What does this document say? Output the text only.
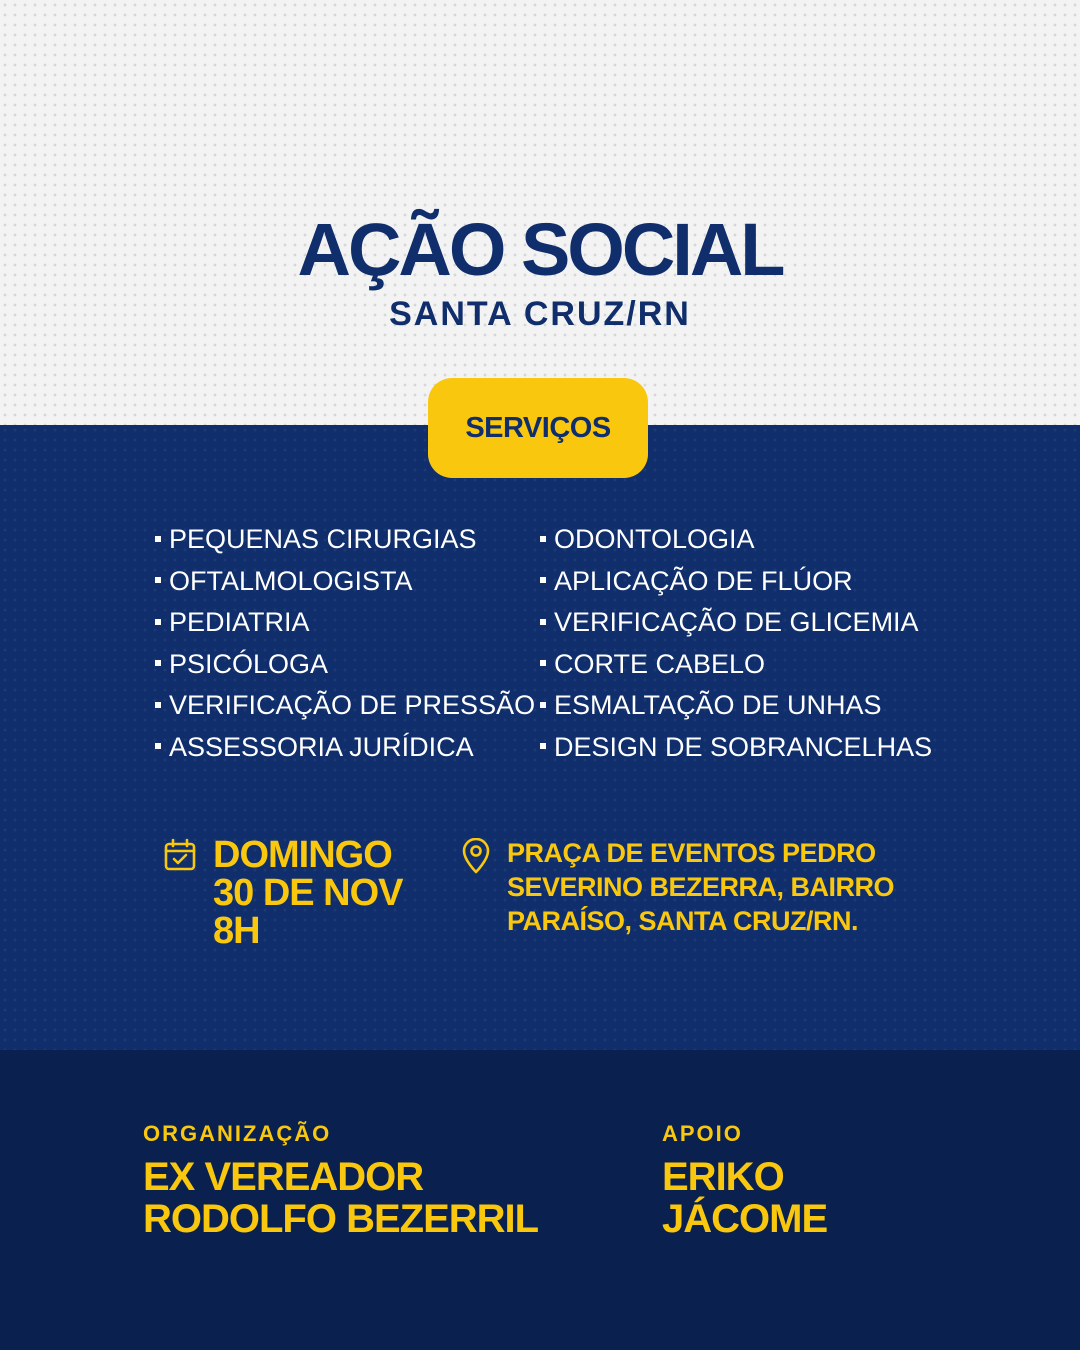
AÇÃO SOCIAL
SANTA CRUZ/RN
SERVIÇOS
PEQUENAS CIRURGIAS
OFTALMOLOGISTA
PEDIATRIA
PSICÓLOGA
VERIFICAÇÃO DE PRESSÃO
ASSESSORIA JURÍDICA
ODONTOLOGIA
APLICAÇÃO DE FLÚOR
VERIFICAÇÃO DE GLICEMIA
CORTE CABELO
ESMALTAÇÃO DE UNHAS
DESIGN DE SOBRANCELHAS
DOMINGO
30 DE NOV
8H
PRAÇA DE EVENTOS PEDRO
SEVERINO BEZERRA, BAIRRO
PARAÍSO, SANTA CRUZ/RN.
ORGANIZAÇÃO
EX VEREADOR
RODOLFO BEZERRIL
APOIO
ERIKO
JÁCOME
